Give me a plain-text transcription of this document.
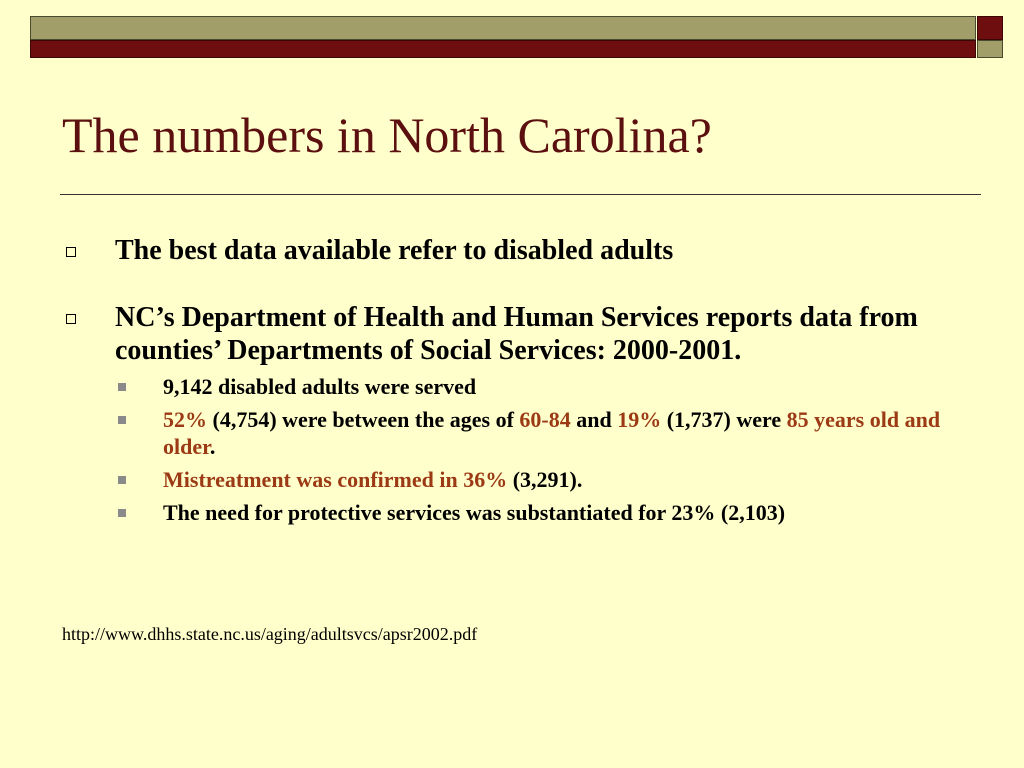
The numbers in North Carolina?
The best data available refer to disabled adults
NC’s Department of Health and Human Services reports data from counties’ Departments of Social Services: 2000-2001.
9,142 disabled adults were served
52% (4,754) were between the ages of 60-84 and 19% (1,737) were 85 years old and older.
Mistreatment was confirmed in 36% (3,291).
The need for protective services was substantiated for 23% (2,103)
http://www.dhhs.state.nc.us/aging/adultsvcs/apsr2002.pdf
